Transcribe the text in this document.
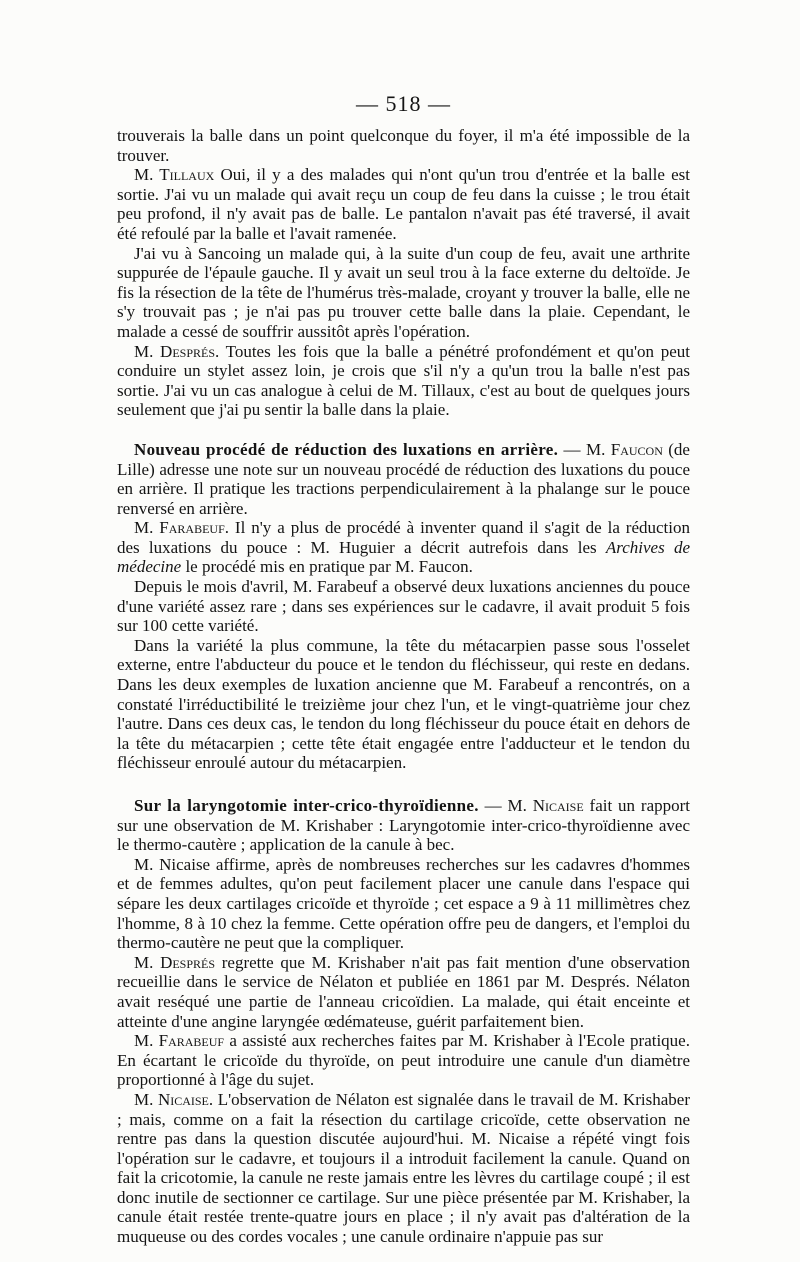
— 518 —

trouverais la balle dans un point quelconque du foyer, il m'a été impossible de la trouver.

M. Tillaux Oui, il y a des malades qui n'ont qu'un trou d'entrée et la balle est sortie. J'ai vu un malade qui avait reçu un coup de feu dans la cuisse ; le trou était peu profond, il n'y avait pas de balle. Le pantalon n'avait pas été traversé, il avait été refoulé par la balle et l'avait ramenée.

J'ai vu à Sancoing un malade qui, à la suite d'un coup de feu, avait une arthrite suppurée de l'épaule gauche. Il y avait un seul trou à la face externe du deltoïde. Je fis la résection de la tête de l'humérus très-malade, croyant y trouver la balle, elle ne s'y trouvait pas ; je n'ai pas pu trouver cette balle dans la plaie. Cependant, le malade a cessé de souffrir aussitôt après l'opération.

M. Després. Toutes les fois que la balle a pénétré profondément et qu'on peut conduire un stylet assez loin, je crois que s'il n'y a qu'un trou la balle n'est pas sortie. J'ai vu un cas analogue à celui de M. Tillaux, c'est au bout de quelques jours seulement que j'ai pu sentir la balle dans la plaie.

Nouveau procédé de réduction des luxations en arrière. — M. Faucon (de Lille) adresse une note sur un nouveau procédé de réduction des luxations du pouce en arrière. Il pratique les tractions perpendiculairement à la phalange sur le pouce renversé en arrière.

M. Farabeuf. Il n'y a plus de procédé à inventer quand il s'agit de la réduction des luxations du pouce : M. Huguier a décrit autrefois dans les Archives de médecine le procédé mis en pratique par M. Faucon.

Depuis le mois d'avril, M. Farabeuf a observé deux luxations anciennes du pouce d'une variété assez rare ; dans ses expériences sur le cadavre, il avait produit 5 fois sur 100 cette variété.

Dans la variété la plus commune, la tête du métacarpien passe sous l'osselet externe, entre l'abducteur du pouce et le tendon du fléchisseur, qui reste en dedans. Dans les deux exemples de luxation ancienne que M. Farabeuf a rencontrés, on a constaté l'irréductibilité le treizième jour chez l'un, et le vingt-quatrième jour chez l'autre. Dans ces deux cas, le tendon du long fléchisseur du pouce était en dehors de la tête du métacarpien ; cette tête était engagée entre l'adducteur et le tendon du fléchisseur enroulé autour du métacarpien.

Sur la laryngotomie inter-crico-thyroïdienne. — M. Nicaise fait un rapport sur une observation de M. Krishaber : Laryngotomie inter-crico-thyroïdienne avec le thermo-cautère ; application de la canule à bec.

M. Nicaise affirme, après de nombreuses recherches sur les cadavres d'hommes et de femmes adultes, qu'on peut facilement placer une canule dans l'espace qui sépare les deux cartilages cricoïde et thyroïde ; cet espace a 9 à 11 millimètres chez l'homme, 8 à 10 chez la femme. Cette opération offre peu de dangers, et l'emploi du thermo-cautère ne peut que la compliquer.

M. Després regrette que M. Krishaber n'ait pas fait mention d'une observation recueillie dans le service de Nélaton et publiée en 1861 par M. Després. Nélaton avait reséqué une partie de l'anneau cricoïdien. La malade, qui était enceinte et atteinte d'une angine laryngée œdémateuse, guérit parfaitement bien.

M. Farabeuf a assisté aux recherches faites par M. Krishaber à l'Ecole pratique. En écartant le cricoïde du thyroïde, on peut introduire une canule d'un diamètre proportionné à l'âge du sujet.

M. Nicaise. L'observation de Nélaton est signalée dans le travail de M. Krishaber ; mais, comme on a fait la résection du cartilage cricoïde, cette observation ne rentre pas dans la question discutée aujourd'hui. M. Nicaise a répété vingt fois l'opération sur le cadavre, et toujours il a introduit facilement la canule. Quand on fait la cricotomie, la canule ne reste jamais entre les lèvres du cartilage coupé ; il est donc inutile de sectionner ce cartilage. Sur une pièce présentée par M. Krishaber, la canule était restée trente-quatre jours en place ; il n'y avait pas d'altération de la muqueuse ou des cordes vocales ; une canule ordinaire n'appuie pas sur
